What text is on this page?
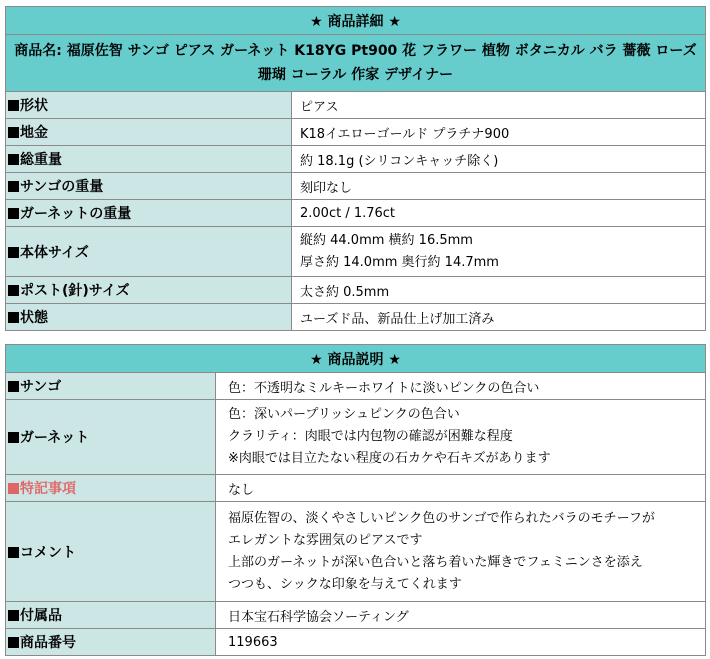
★ 商品詳細 ★	
商品名: 福原佐智 サンゴ ピアス ガーネット K18YG Pt900 花 フラワー 植物 ボタニカル バラ 薔薇 ローズ 珊瑚 コーラル 作家 デザイナー	
形状	ピアス

地金	K18イエローゴールド プラチナ900

総重量	約 18.1g (シリコンキャッチ除く)

サンゴの重量	刻印なし

ガーネットの重量	2.00ct / 1.76ct

本体サイズ	縦約 44.0mm 横約 16.5mm
厚さ約 14.0mm 奥行約 14.7mm

ポスト(針)サイズ	太さ約 0.5mm

状態	ユーズド品、新品仕上げ加工済み
★ 商品説明 ★	
サンゴ	色：不透明なミルキーホワイトに淡いピンクの色合い

ガーネット	色：深いパープリッシュピンクの色合い
クラリティ：肉眼では内包物の確認が困難な程度
※肉眼では目立たない程度の石カケや石キズがあります

特記事項	なし

コメント	福原佐智の、淡くやさしいピンク色のサンゴで作られたバラのモチーフが
エレガントな雰囲気のピアスです
上部のガーネットが深い色合いと落ち着いた輝きでフェミニンさを添え
つつも、シックな印象を与えてくれます

付属品	日本宝石科学協会ソーティング

商品番号	119663
